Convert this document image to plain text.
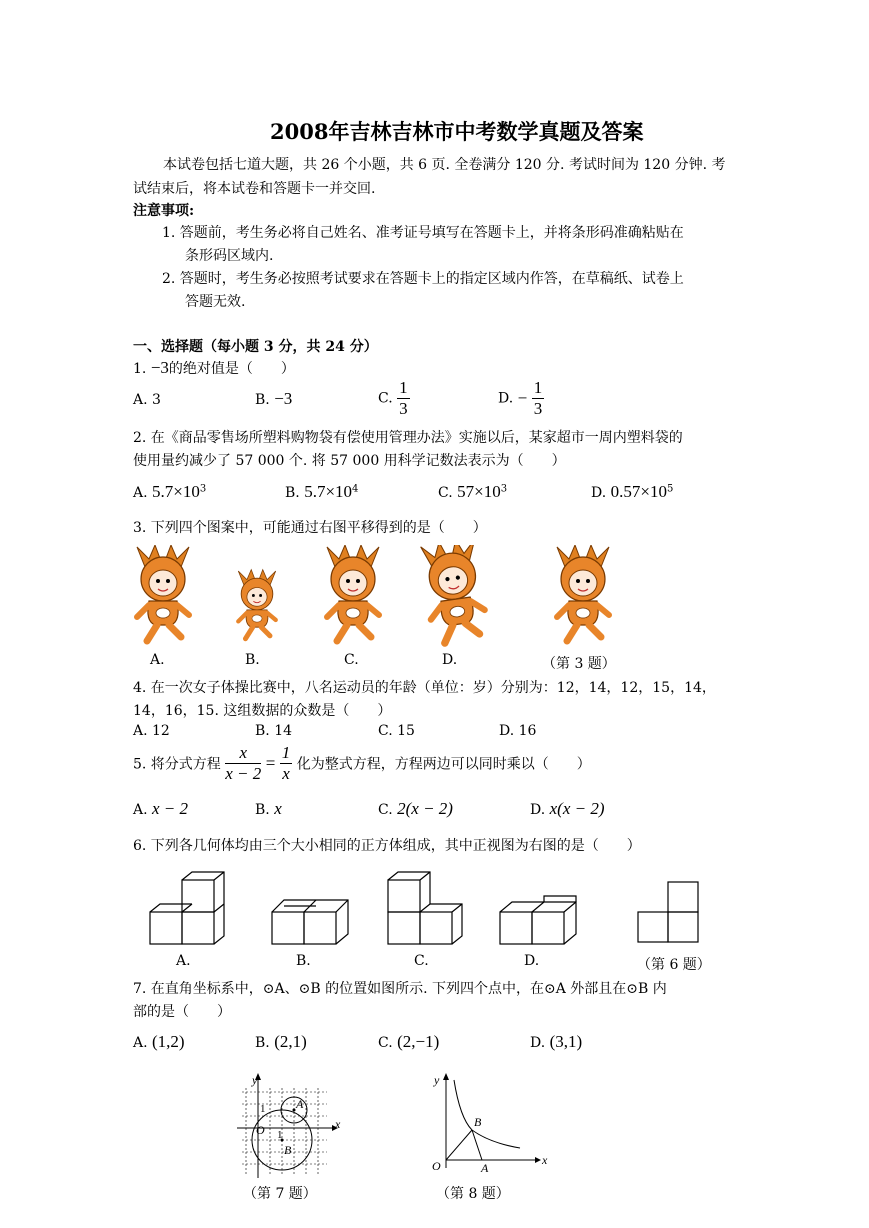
2008年吉林吉林市中考数学真题及答案
本试卷包括七道大题，共 26 个小题，共 6 页. 全卷满分 120 分. 考试时间为 120 分钟. 考
试结束后，将本试卷和答题卡一并交回.
注意事项:
1. 答题前，考生务必将自己姓名、准考证号填写在答题卡上，并将条形码准确粘贴在
条形码区域内.
2. 答题时，考生务必按照考试要求在答题卡上的指定区域内作答，在草稿纸、试卷上
答题无效.
一、选择题（每小题 3 分，共 24 分）
1. −3的绝对值是（　　）
A. 3	B. −3	C. $\frac{1}{3}$	D. − $\frac{1}{3}$
2. 在《商品零售场所塑料购物袋有偿使用管理办法》实施以后，某家超市一周内塑料袋的
使用量约减少了 57 000 个. 将 57 000 用科学记数法表示为（　　）
A. $5.7\times 10^3$	B. $5.7\times 10^4$	C. $57\times 10^3$	D. $0.57\times 10^5$
3. 下列四个图案中，可能通过右图平移得到的是（　　）
A.	B.	C.	D.	（第 3 题）
4. 在一次女子体操比赛中，八名运动员的年龄（单位：岁）分别为：12，14，12，15，14，
14，16，15. 这组数据的众数是（　　）
A. 12	B. 14	C. 15	D. 16
5. 将分式方程 $\frac{x}{x - 2} = \frac{1}{x}$ 化为整式方程，方程两边可以同时乘以（　　）
A. x − 2	B. x	C. 2(x − 2)	D. x(x − 2)
6. 下列各几何体均由三个大小相同的正方体组成，其中正视图为右图的是（　　）
A.	B.	C.	D.	（第 6 题）
7. 在直角坐标系中，⊙A、⊙B 的位置如图所示. 下列四个点中，在⊙A 外部且在⊙B 内
部的是（　　）
A. (1,2)	B. (2,1)	C. (2,−1)	D. (3,1)
y
x
O
1
1
A
B
（第 7 题）
y
x
O
B
A
（第 8 题）
